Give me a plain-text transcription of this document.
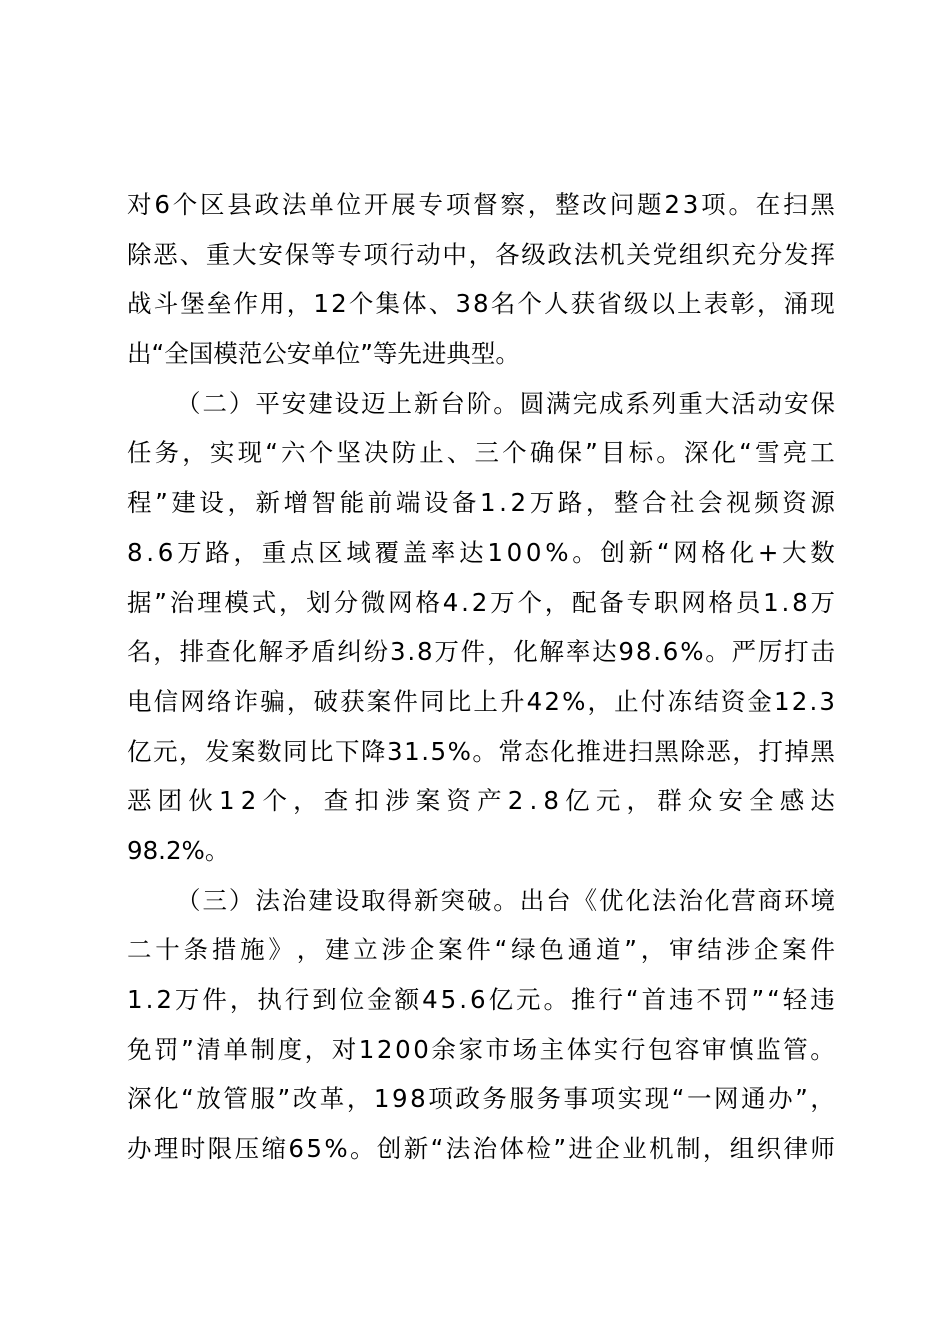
对 6 个 区 县 政 法 单 位 开 展 专 项 督 察 ， 整 改 问 题 2 3 项 。 在 扫 黑
除 恶 、 重 大 安 保 等 专 项 行 动 中 ， 各 级 政 法 机 关 党 组 织 充 分 发 挥
战 斗 堡 垒 作 用 ， 1 2 个 集 体 、 3 8 名 个 人 获 省 级 以 上 表 彰 ， 涌 现
出“全国模范公安单位”等先进典型。
（ 二 ） 平 安 建 设 迈 上 新 台 阶 。 圆 满 完 成 系 列 重 大 活 动 安 保
任 务 ， 实 现 “ 六 个 坚 决 防 止 、 三 个 确 保 ” 目 标 。 深 化 “ 雪 亮 工
程 ” 建 设 ， 新 增 智 能 前 端 设 备 1 . 2 万 路 ， 整 合 社 会 视 频 资 源
8 . 6 万 路 ， 重 点 区 域 覆 盖 率 达 1 0 0 % 。 创 新 “ 网 格 化 + 大 数
据 ” 治 理 模 式 ， 划 分 微 网 格 4 . 2 万 个 ， 配 备 专 职 网 格 员 1 . 8 万
名 ， 排 查 化 解 矛 盾 纠 纷 3 . 8 万 件 ， 化 解 率 达 9 8 . 6 % 。 严 厉 打 击
电 信 网 络 诈 骗 ， 破 获 案 件 同 比 上 升 4 2 % ， 止 付 冻 结 资 金 1 2 . 3
亿 元 ， 发 案 数 同 比 下 降 3 1 . 5 % 。 常 态 化 推 进 扫 黑 除 恶 ， 打 掉 黑
恶 团 伙 1 2 个 ， 查 扣 涉 案 资 产 2 . 8 亿 元 ， 群 众 安 全 感 达
98.2%。
（ 三 ） 法 治 建 设 取 得 新 突 破 。 出 台 《 优 化 法 治 化 营 商 环 境
二 十 条 措 施 》 ， 建 立 涉 企 案 件 “ 绿 色 通 道 ” ， 审 结 涉 企 案 件
1 . 2 万 件 ， 执 行 到 位 金 额 4 5 . 6 亿 元 。 推 行 “ 首 违 不 罚 ” “ 轻 违
免 罚 ” 清 单 制 度 ， 对 1 2 0 0 余 家 市 场 主 体 实 行 包 容 审 慎 监 管 。
深 化 “ 放 管 服 ” 改 革 ， 1 9 8 项 政 务 服 务 事 项 实 现 “ 一 网 通 办 ” ，
办 理 时 限 压 缩 6 5 % 。 创 新 “ 法 治 体 检 ” 进 企 业 机 制 ， 组 织 律 师
